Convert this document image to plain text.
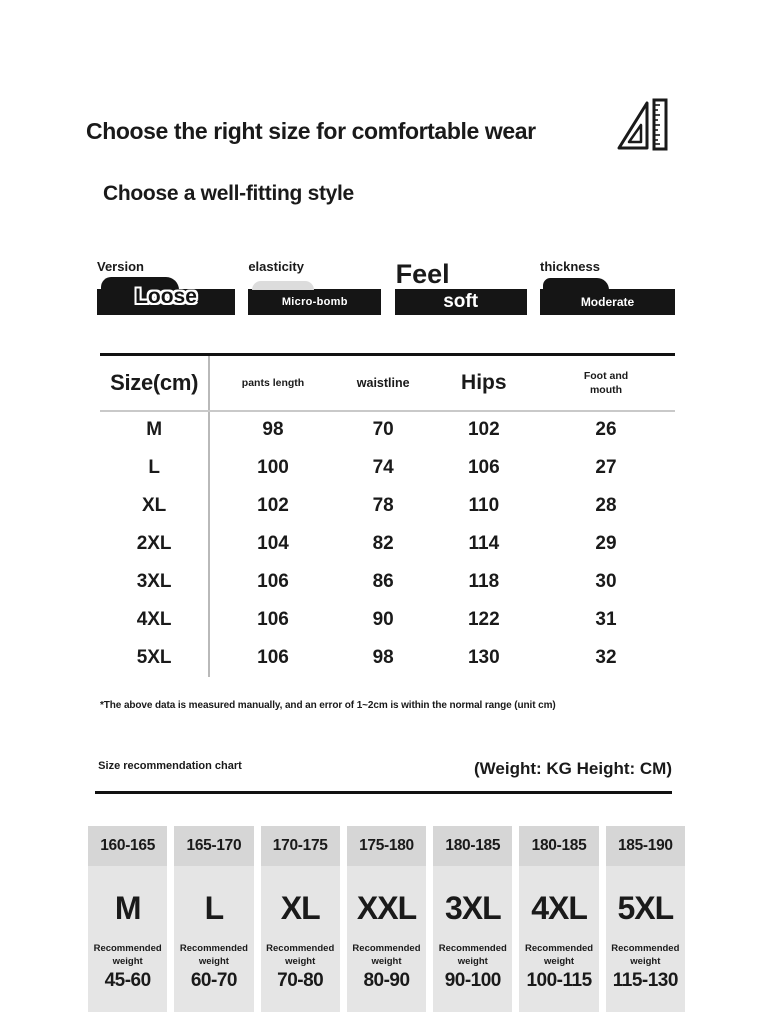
Choose the right size for comfortable wear
Choose a well-fitting style
Version
Loose
elasticity
Micro-bomb
Feel
soft
thickness
Moderate
Size(cm)	pants length	waistline	Hips	Foot and mouth
M	98	70	102	26
L	100	74	106	27
XL	102	78	110	28
2XL	104	82	114	29
3XL	106	86	118	30
4XL	106	90	122	31
5XL	106	98	130	32
*The above data is measured manually, and an error of 1~2cm is within the normal range (unit cm)
Size recommendation chart	(Weight: KG Height: CM)
160-165
M
Recommended weight
45-60
165-170
L
Recommended weight
60-70
170-175
XL
Recommended weight
70-80
175-180
XXL
Recommended weight
80-90
180-185
3XL
Recommended weight
90-100
180-185
4XL
Recommended weight
100-115
185-190
5XL
Recommended weight
115-130
